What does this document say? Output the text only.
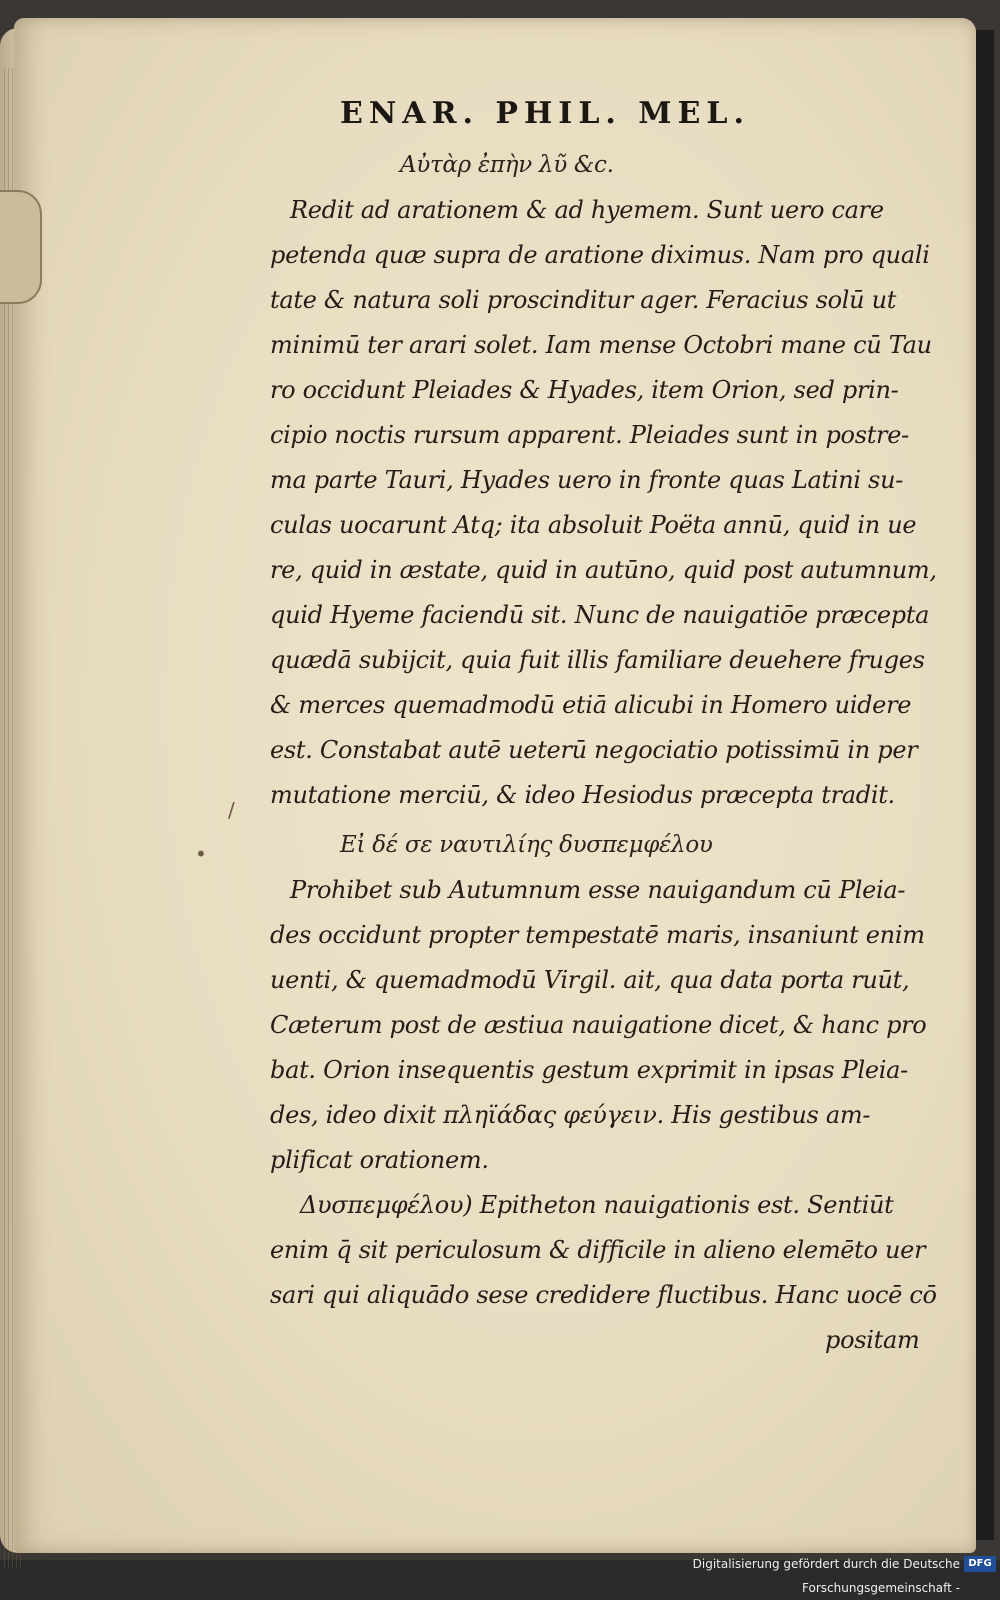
ENAR. PHIL. MEL.
Αὐτὰρ ἐπὴν λῦ &c.
Redit ad arationem & ad hyemem. Sunt uero care
petenda quæ supra de aratione diximus. Nam pro quali
tate & natura soli proscinditur ager. Feracius solū ut
minimū ter arari solet. Iam mense Octobri mane cū Tau
ro occidunt Pleiades & Hyades, item Orion, sed prin-
cipio noctis rursum apparent. Pleiades sunt in postre-
ma parte Tauri, Hyades uero in fronte quas Latini su-
culas uocarunt Atq; ita absoluit Poëta annū, quid in ue
re, quid in æstate, quid in autūno, quid post autumnum,
quid Hyeme faciendū sit. Nunc de nauigatiōe præcepta
quædā subijcit, quia fuit illis familiare deuehere fruges
& merces quemadmodū etiā alicubi in Homero uidere
est. Constabat autē ueterū negociatio potissimū in per
mutatione merciū, & ideo Hesiodus præcepta tradit.
Εἰ δέ σε ναυτιλίης δυσπεμφέλου
Prohibet sub Autumnum esse nauigandum cū Pleia-
des occidunt propter tempestatē maris, insaniunt enim
uenti, & quemadmodū Virgil. ait, qua data porta ruūt,
Cæterum post de æstiua nauigatione dicet, & hanc pro
bat. Orion insequentis gestum exprimit in ipsas Pleia-
des, ideo dixit πληϊάδας φεύγειν. His gestibus am-
plificat orationem.
Δυσπεμφέλου) Epitheton nauigationis est. Sentiūt
enim q̄ sit periculosum & difficile in alieno elemēto uer
sari qui aliquādo sese credidere fluctibus. Hanc uocē cō
positam
/
•
Digitalisierung gefördert durch die Deutsche Forschungsgemeinschaft -
DFG
